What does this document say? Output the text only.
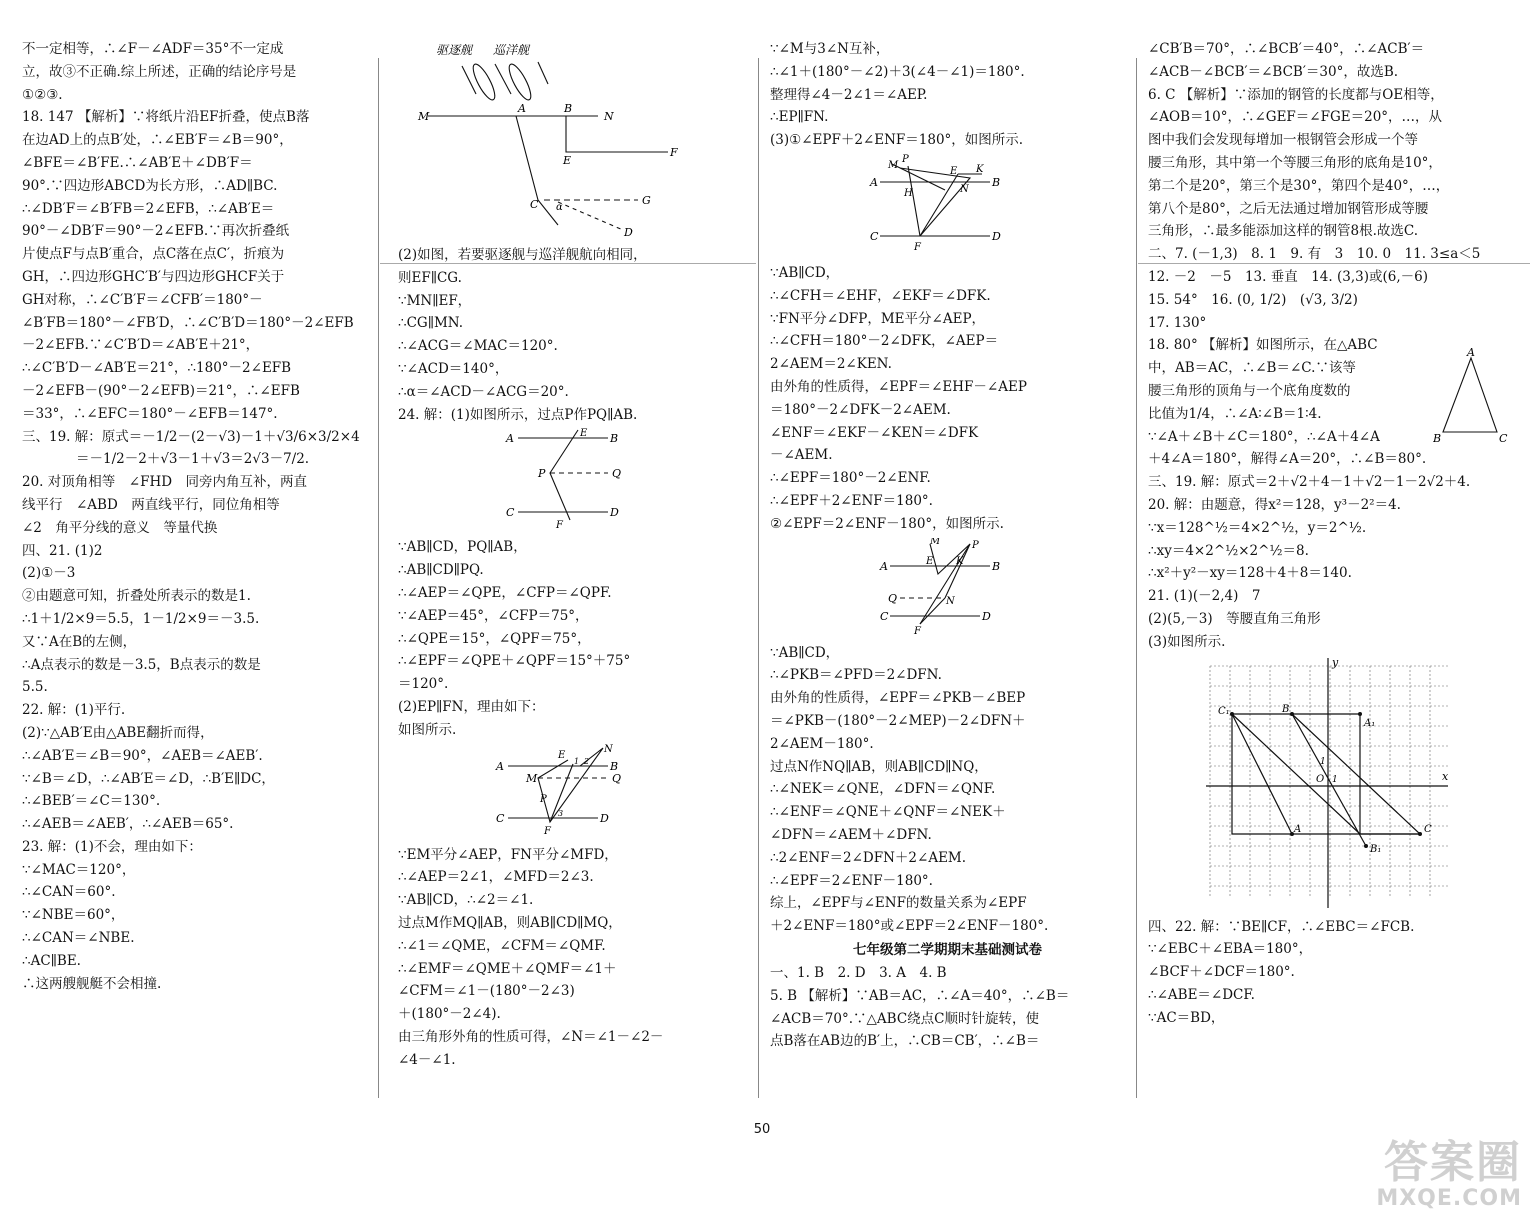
不一定相等，∴∠F－∠ADF＝35°不一定成
立，故③不正确.综上所述，正确的结论序号是
①②③.
18. 147 【解析】∵将纸片沿EF折叠，使点B落
在边AD上的点B′处，∴∠EB′F＝∠B＝90°，
∠BFE＝∠B′FE.∴∠AB′E＋∠DB′F＝
90°.∵四边形ABCD为长方形，∴AD∥BC.
∴∠DB′F＝∠B′FB＝2∠EFB，∴∠AB′E＝
90°－∠DB′F＝90°－2∠EFB.∵再次折叠纸
片使点F与点B′重合，点C落在点C′，折痕为
GH，∴四边形GHC′B′与四边形GHCF关于
GH对称，∴∠C′B′F＝∠CFB′＝180°－
∠B′FB＝180°－∠FB′D，∴∠C′B′D＝180°－2∠EFB
－2∠EFB.∵∠C′B′D＝∠AB′E＋21°，
∴∠C′B′D－∠AB′E＝21°，∴180°－2∠EFB
－2∠EFB－(90°－2∠EFB)＝21°，∴∠EFB
＝33°，∴∠EFC＝180°－∠EFB＝147°.
三、19. 解：原式＝－1/2－(2－√3)－1＋√3/6×3/2×4
　　　　＝－1/2－2＋√3－1＋√3＝2√3－7/2.
20. 对顶角相等　∠FHD　同旁内角互补，两直
线平行　∠ABD　两直线平行，同位角相等
∠2　角平分线的意义　等量代换
四、21. (1)2
(2)①－3
②由题意可知，折叠处所表示的数是1.
∴1＋1/2×9＝5.5，1－1/2×9＝－3.5.
又∵A在B的左侧，
∴A点表示的数是－3.5，B点表示的数是
5.5.
22. 解：(1)平行.
(2)∵△AB′E由△ABE翻折而得，
∴∠AB′E＝∠B＝90°，∠AEB＝∠AEB′.
∵∠B＝∠D，∴∠AB′E＝∠D，∴B′E∥DC，
∴∠BEB′＝∠C＝130°.
∴∠AEB＝∠AEB′，∴∠AEB＝65°.
23. 解：(1)不会，理由如下：
∵∠MAC＝120°，
∴∠CAN＝60°.
∵∠NBE＝60°，
∴∠CAN＝∠NBE.
∴AC∥BE.
∴这两艘舰艇不会相撞.
驱逐舰 巡洋舰
M
A	B
N
E
F
C α
G
D
(2)如图，若要驱逐舰与巡洋舰航向相同，
则EF∥CG.
∵MN∥EF，
∴CG∥MN.
∴∠ACG＝∠MAC＝120°.
∵∠ACD＝140°，
∴α＝∠ACD－∠ACG＝20°.
24. 解：(1)如图所示，过点P作PQ∥AB.
A	B
P	Q
C	D
E
F
∵AB∥CD，PQ∥AB，
∴AB∥CD∥PQ.
∴∠AEP＝∠QPE，∠CFP＝∠QPF.
∵∠AEP＝45°，∠CFP＝75°，
∴∠QPE＝15°，∠QPF＝75°，
∴∠EPF＝∠QPE＋∠QPF＝15°＋75°
＝120°.
(2)EP∥FN，理由如下：
如图所示.
A
E
N
B
M	Q
P
C
F
D
1 2
3
∵EM平分∠AEP，FN平分∠MFD，
∴∠AEP＝2∠1，∠MFD＝2∠3.
∵AB∥CD，∴∠2＝∠1.
过点M作MQ∥AB，则AB∥CD∥MQ，
∴∠1＝∠QME，∠CFM＝∠QMF.
∴∠EMF＝∠QME＋∠QMF＝∠1＋
∠CFM＝∠1－(180°－2∠3)
＋(180°－2∠4).
由三角形外角的性质可得，∠N＝∠1－∠2－
∠4－∠1.
∵∠M与3∠N互补，
∴∠1＋(180°－∠2)＋3(∠4－∠1)＝180°.
整理得∠4－2∠1＝∠AEP.
∴EP∥FN.
(3)①∠EPF＋2∠ENF＝180°，如图所示.
M
P
E K
A
H	N
B
C
F
D
∵AB∥CD，
∴∠CFH＝∠EHF，∠EKF＝∠DFK.
∵FN平分∠DFP，ME平分∠AEP，
∴∠CFH＝180°－2∠DFK，∠AEP＝
2∠AEM＝2∠KEN.
由外角的性质得，∠EPF＝∠EHF－∠AEP
＝180°－2∠DFK－2∠AEM.
∠ENF＝∠EKF－∠KEN＝∠DFK
－∠AEM.
∴∠EPF＝180°－2∠ENF.
∴∠EPF＋2∠ENF＝180°.
②∠EPF＝2∠ENF－180°，如图所示.
M	P
E
A	K	B
Q	N
C
F
D
∵AB∥CD，
∴∠PKB＝∠PFD＝2∠DFN.
由外角的性质得，∠EPF＝∠PKB－∠BEP
＝∠PKB－(180°－2∠MEP)－2∠DFN＋
2∠AEM－180°.
过点N作NQ∥AB，则AB∥CD∥NQ，
∴∠NEK＝∠QNE，∠DFN＝∠QNF.
∴∠ENF＝∠QNE＋∠QNF＝∠NEK＋
∠DFN＝∠AEM＋∠DFN.
∴2∠ENF＝2∠DFN＋2∠AEM.
∴∠EPF＝2∠ENF－180°.
综上，∠EPF与∠ENF的数量关系为∠EPF
＋2∠ENF＝180°或∠EPF＝2∠ENF－180°.
七年级第二学期期末基础测试卷
一、1. B　2. D　3. A　4. B
5. B 【解析】∵AB＝AC，∴∠A＝40°，∴∠B＝
∠ACB＝70°.∵△ABC绕点C顺时针旋转，使
点B落在AB边的B′上，∴CB＝CB′，∴∠B＝
∠CB′B＝70°，∴∠BCB′＝40°，∴∠ACB′＝
∠ACB－∠BCB′＝∠BCB′＝30°，故选B.
6. C 【解析】∵添加的钢管的长度都与OE相等，
∠AOB＝10°，∴∠GEF＝∠FGE＝20°，…，从
图中我们会发现每增加一根钢管会形成一个等
腰三角形，其中第一个等腰三角形的底角是10°，
第二个是20°，第三个是30°，第四个是40°，…，
第八个是80°，之后无法通过增加钢管形成等腰
三角形，∴最多能添加这样的钢管8根.故选C.
二、7. (－1,3)　8. 1　9. 有　3　10. 0　11. 3≤a＜5
12. －2　－5　13. 垂直　14. (3,3)或(6,－6)
15. 54°　16. (0, 1/2)　(√3, 3/2)
17. 130°
18. 80° 【解析】如图所示，在△ABC
中，AB＝AC，∴∠B＝∠C.∵该等
腰三角形的顶角与一个底角度数的
比值为1/4，∴∠A∶∠B＝1∶4.
∵∠A＋∠B＋∠C＝180°，∴∠A＋4∠A
＋4∠A＝180°，解得∠A＝20°，∴∠B＝80°.
三、19. 解：原式＝2＋√2＋4－1＋√2－1－2√2＋4.
20. 解：由题意，得x²＝128，y³－2²＝4.
∵x＝128^½＝4×2^½，y＝2^½.
∴xy＝4×2^½×2^½＝8.
∴x²＋y²－xy＝128＋4＋8＝140.
21. (1)(－2,4)　7
(2)(5,－3)　等腰直角三角形
(3)如图所示.
A
B	C
y
x
O
C₁	B
A₁
1
1
A
B₁
C
四、22. 解：∵BE∥CF，∴∠EBC＝∠FCB.
∵∠EBC＋∠EBA＝180°，
∠BCF＋∠DCF＝180°.
∴∠ABE＝∠DCF.
∵AC＝BD，
50
答案圈
MXQE.COM
